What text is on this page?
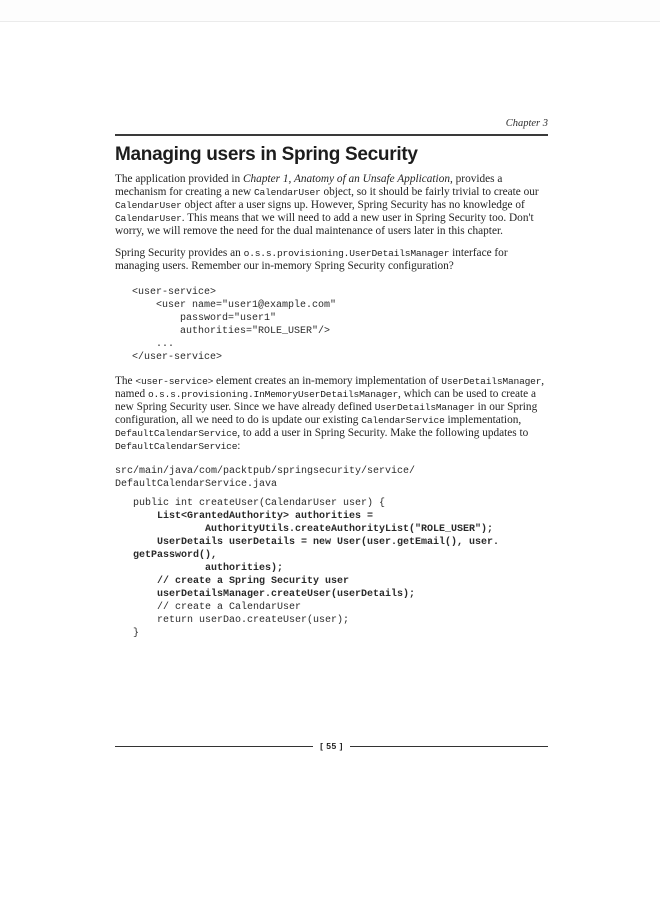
Chapter 3
Managing users in Spring Security

The application provided in Chapter 1, Anatomy of an Unsafe Application, provides a mechanism for creating a new CalendarUser object, so it should be fairly trivial to create our CalendarUser object after a user signs up. However, Spring Security has no knowledge of CalendarUser. This means that we will need to add a new user in Spring Security too. Don't worry, we will remove the need for the dual maintenance of users later in this chapter.

Spring Security provides an o.s.s.provisioning.UserDetailsManager interface for managing users. Remember our in-memory Spring Security configuration?

<user-service>
<user name="user1@example.com"
password="user1"
authorities="ROLE_USER"/>
...
</user-service>

The <user-service> element creates an in-memory implementation of UserDetailsManager, named o.s.s.provisioning.InMemoryUserDetailsManager, which can be used to create a new Spring Security user. Since we have already defined UserDetailsManager in our Spring configuration, all we need to do is update our existing CalendarService implementation, DefaultCalendarService, to add a user in Spring Security. Make the following updates to DefaultCalendarService:

src/main/java/com/packtpub/springsecurity/service/
DefaultCalendarService.java
public int createUser(CalendarUser user) {
List<GrantedAuthority> authorities =
AuthorityUtils.createAuthorityList("ROLE_USER");
UserDetails userDetails = new User(user.getEmail(), user.
getPassword(),
authorities);
// create a Spring Security user
userDetailsManager.createUser(userDetails);
// create a CalendarUser
return userDao.createUser(user);
}
[ 55 ]
